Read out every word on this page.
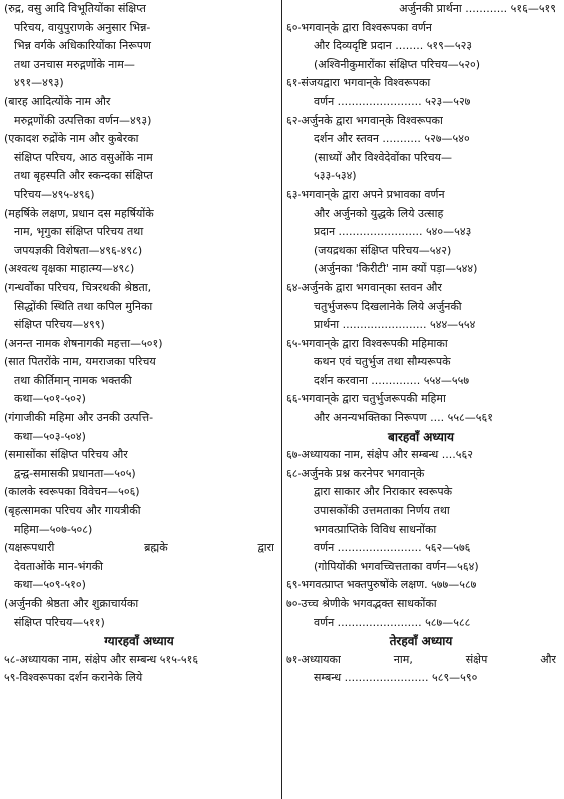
(रुद्र, वसु आदि विभूतियोंका संक्षिप्त
परिचय, वायुपुराणके अनुसार भिन्न-
भिन्न वर्गके अधिकारियोंका निरूपण
तथा उनचास मरुद्गणोंके नाम—
४९१—४९३)
(बारह आदित्योंके नाम और
मरुद्गणोंकी उत्पत्तिका वर्णन—४९३)
(एकादश रुद्रोंके नाम और कुबेरका
संक्षिप्त परिचय, आठ वसुओंके नाम
तथा बृहस्पति और स्कन्दका संक्षिप्त
परिचय—४९५-४९६)
(महर्षिके लक्षण, प्रधान दस महर्षियोंके
नाम, भृगुका संक्षिप्त परिचय तथा
जपयज्ञकी विशेषता—४९६-४९८)
(अश्वत्थ वृक्षका माहात्म्य—४९८)
(गन्धर्वोंका परिचय, चित्ररथकी श्रेष्ठता,
सिद्धोंकी स्थिति तथा कपिल मुनिका
संक्षिप्त परिचय—४९९)
(अनन्त नामक शेषनागकी महत्ता—५०१)
(सात पितरोंके नाम, यमराजका परिचय
तथा कीर्तिमान् नामक भक्तकी
कथा—५०१-५०२)
(गंगाजीकी महिमा और उनकी उत्पत्ति-
कथा—५०३-५०४)
(समासोंका संक्षिप्त परिचय और
द्वन्द्व-समासकी प्रधानता—५०५)
(कालके स्वरूपका विवेचन—५०६)
(बृहत्सामका परिचय और गायत्रीकी
महिमा—५०७-५०८)
(यक्षरूपधारी ब्रह्मके द्वारा
देवताओंके मान-भंगकी
कथा—५०९-५१०)
(अर्जुनकी श्रेष्ठता और शुक्राचार्यका
संक्षिप्त परिचय—५११)
ग्यारहवाँ अध्याय
५८-अध्यायका नाम, संक्षेप और सम्बन्ध ५१५-५१६
५९-विश्वरूपका दर्शन करानेके लिये
अर्जुनकी प्रार्थना ............ ५१६—५१९
६०-भगवान्‌के द्वारा विश्वरूपका वर्णन
और दिव्यदृष्टि प्रदान ........ ५१९—५२३
(अश्विनीकुमारोंका संक्षिप्त परिचय—५२०)
६१-संजयद्वारा भगवान्‌के विश्वरूपका
वर्णन ........................ ५२३—५२७
६२-अर्जुनके द्वारा भगवान्‌के विश्वरूपका
दर्शन और स्तवन ........... ५२७—५४०
(साध्यों और विश्वेदेवोंका परिचय—
५३३-५३४)
६३-भगवान्‌के द्वारा अपने प्रभावका वर्णन
और अर्जुनको युद्धके लिये उत्साह
प्रदान ........................ ५४०—५४३
(जयद्रथका संक्षिप्त परिचय—५४२)
(अर्जुनका 'किरीटी' नाम क्यों पड़ा—५४४)
६४-अर्जुनके द्वारा भगवान्‌का स्तवन और
चतुर्भुजरूप दिखलानेके लिये अर्जुनकी
प्रार्थना ........................ ५४४—५५४
६५-भगवान्‌के द्वारा विश्वरूपकी महिमाका
कथन एवं चतुर्भुज तथा सौम्यरूपके
दर्शन करवाना .............. ५५४—५५७
६६-भगवान्‌के द्वारा चतुर्भुजरूपकी महिमा
और अनन्यभक्तिका निरूपण .... ५५८—५६१
बारहवाँ अध्याय
६७-अध्यायका नाम, संक्षेप और सम्बन्ध ....५६२
६८-अर्जुनके प्रश्न करनेपर भगवान्‌के
द्वारा साकार और निराकार स्वरूपके
उपासकोंकी उत्तमताका निर्णय तथा
भगवत्प्राप्तिके विविध साधनोंका
वर्णन ........................ ५६२—५७६
(गोपियोंकी भगवच्चित्तताका वर्णन—५६४)
६९-भगवत्प्राप्त भक्तपुरुषोंके लक्षण. ५७७—५८७
७०-उच्च श्रेणीके भगवद्भक्त साधकोंका
वर्णन ........................ ५८७—५८८
तेरहवाँ अध्याय
७१-अध्यायका नाम, संक्षेप और
सम्बन्ध ........................ ५८९—५९०
